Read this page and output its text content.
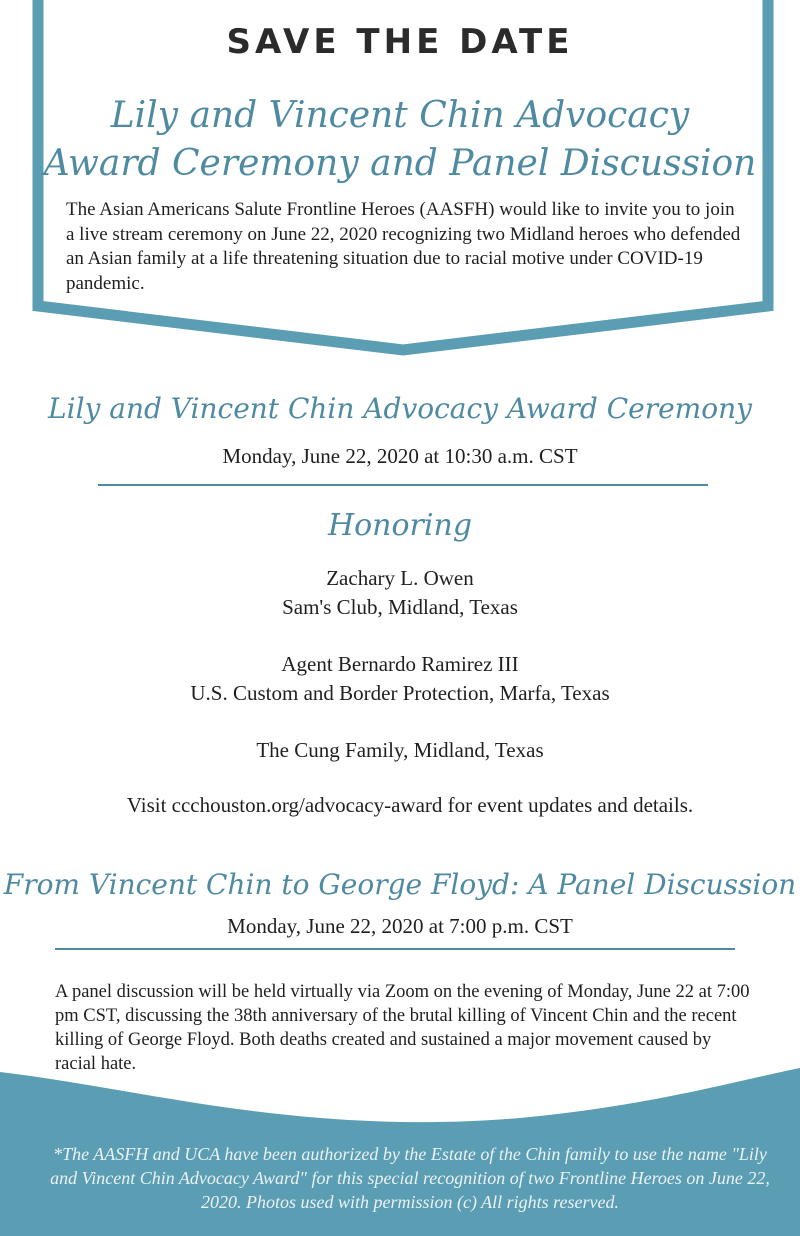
SAVE THE DATE
Lily and Vincent Chin Advocacy
Award Ceremony and Panel Discussion
The Asian Americans Salute Frontline Heroes (AASFH) would like to invite you to join a live stream ceremony on June 22, 2020 recognizing two Midland heroes who defended an Asian family at a life threatening situation due to racial motive under COVID-19 pandemic.
Lily and Vincent Chin Advocacy Award Ceremony
Monday, June 22, 2020 at 10:30 a.m. CST
Honoring
Zachary L. Owen
Sam's Club, Midland, Texas
Agent Bernardo Ramirez III
U.S. Custom and Border Protection, Marfa, Texas
The Cung Family, Midland, Texas
Visit ccchouston.org/advocacy-award for event updates and details.
From Vincent Chin to George Floyd: A Panel Discussion
Monday, June 22, 2020 at 7:00 p.m. CST
A panel discussion will be held virtually via Zoom on the evening of Monday, June 22 at 7:00 pm CST, discussing the 38th anniversary of the brutal killing of Vincent Chin and the recent killing of George Floyd. Both deaths created and sustained a major movement caused by racial hate.
*The AASFH and UCA have been authorized by the Estate of the Chin family to use the name "Lily and Vincent Chin Advocacy Award" for this special recognition of two Frontline Heroes on June 22, 2020. Photos used with permission (c) All rights reserved.
